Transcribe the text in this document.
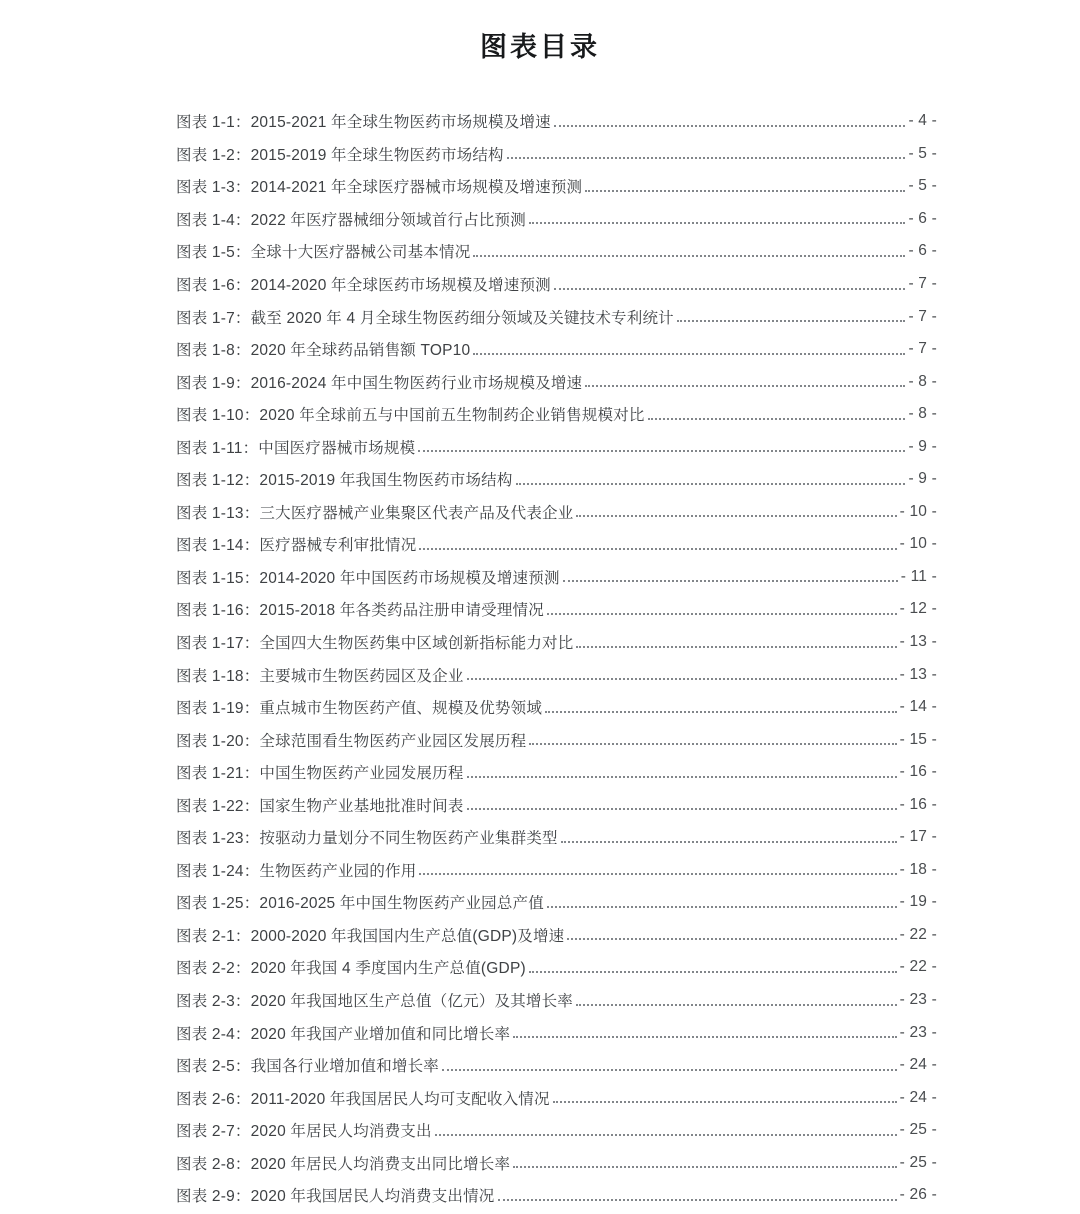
图表目录
图表 1-1：2015-2021 年全球生物医药市场规模及增速	- 4 -
图表 1-2：2015-2019 年全球生物医药市场结构	- 5 -
图表 1-3：2014-2021 年全球医疗器械市场规模及增速预测	- 5 -
图表 1-4：2022 年医疗器械细分领域首行占比预测	- 6 -
图表 1-5：全球十大医疗器械公司基本情况	- 6 -
图表 1-6：2014-2020 年全球医药市场规模及增速预测	- 7 -
图表 1-7：截至 2020 年 4 月全球生物医药细分领域及关键技术专利统计	- 7 -
图表 1-8：2020 年全球药品销售额 TOP10	- 7 -
图表 1-9：2016-2024 年中国生物医药行业市场规模及增速	- 8 -
图表 1-10：2020 年全球前五与中国前五生物制药企业销售规模对比	- 8 -
图表 1-11：中国医疗器械市场规模	- 9 -
图表 1-12：2015-2019 年我国生物医药市场结构	- 9 -
图表 1-13：三大医疗器械产业集聚区代表产品及代表企业	- 10 -
图表 1-14：医疗器械专利审批情况	- 10 -
图表 1-15：2014-2020 年中国医药市场规模及增速预测	- 11 -
图表 1-16：2015-2018 年各类药品注册申请受理情况	- 12 -
图表 1-17：全国四大生物医药集中区域创新指标能力对比	- 13 -
图表 1-18：主要城市生物医药园区及企业	- 13 -
图表 1-19：重点城市生物医药产值、规模及优势领域	- 14 -
图表 1-20：全球范围看生物医药产业园区发展历程	- 15 -
图表 1-21：中国生物医药产业园发展历程	- 16 -
图表 1-22：国家生物产业基地批准时间表	- 16 -
图表 1-23：按驱动力量划分不同生物医药产业集群类型	- 17 -
图表 1-24：生物医药产业园的作用	- 18 -
图表 1-25：2016-2025 年中国生物医药产业园总产值	- 19 -
图表 2-1：2000-2020 年我国国内生产总值(GDP)及增速	- 22 -
图表 2-2：2020 年我国 4 季度国内生产总值(GDP)	- 22 -
图表 2-3：2020 年我国地区生产总值（亿元）及其增长率	- 23 -
图表 2-4：2020 年我国产业增加值和同比增长率	- 23 -
图表 2-5：我国各行业增加值和增长率	- 24 -
图表 2-6：2011-2020 年我国居民人均可支配收入情况	- 24 -
图表 2-7：2020 年居民人均消费支出	- 25 -
图表 2-8：2020 年居民人均消费支出同比增长率	- 25 -
图表 2-9：2020 年我国居民人均消费支出情况	- 26 -
